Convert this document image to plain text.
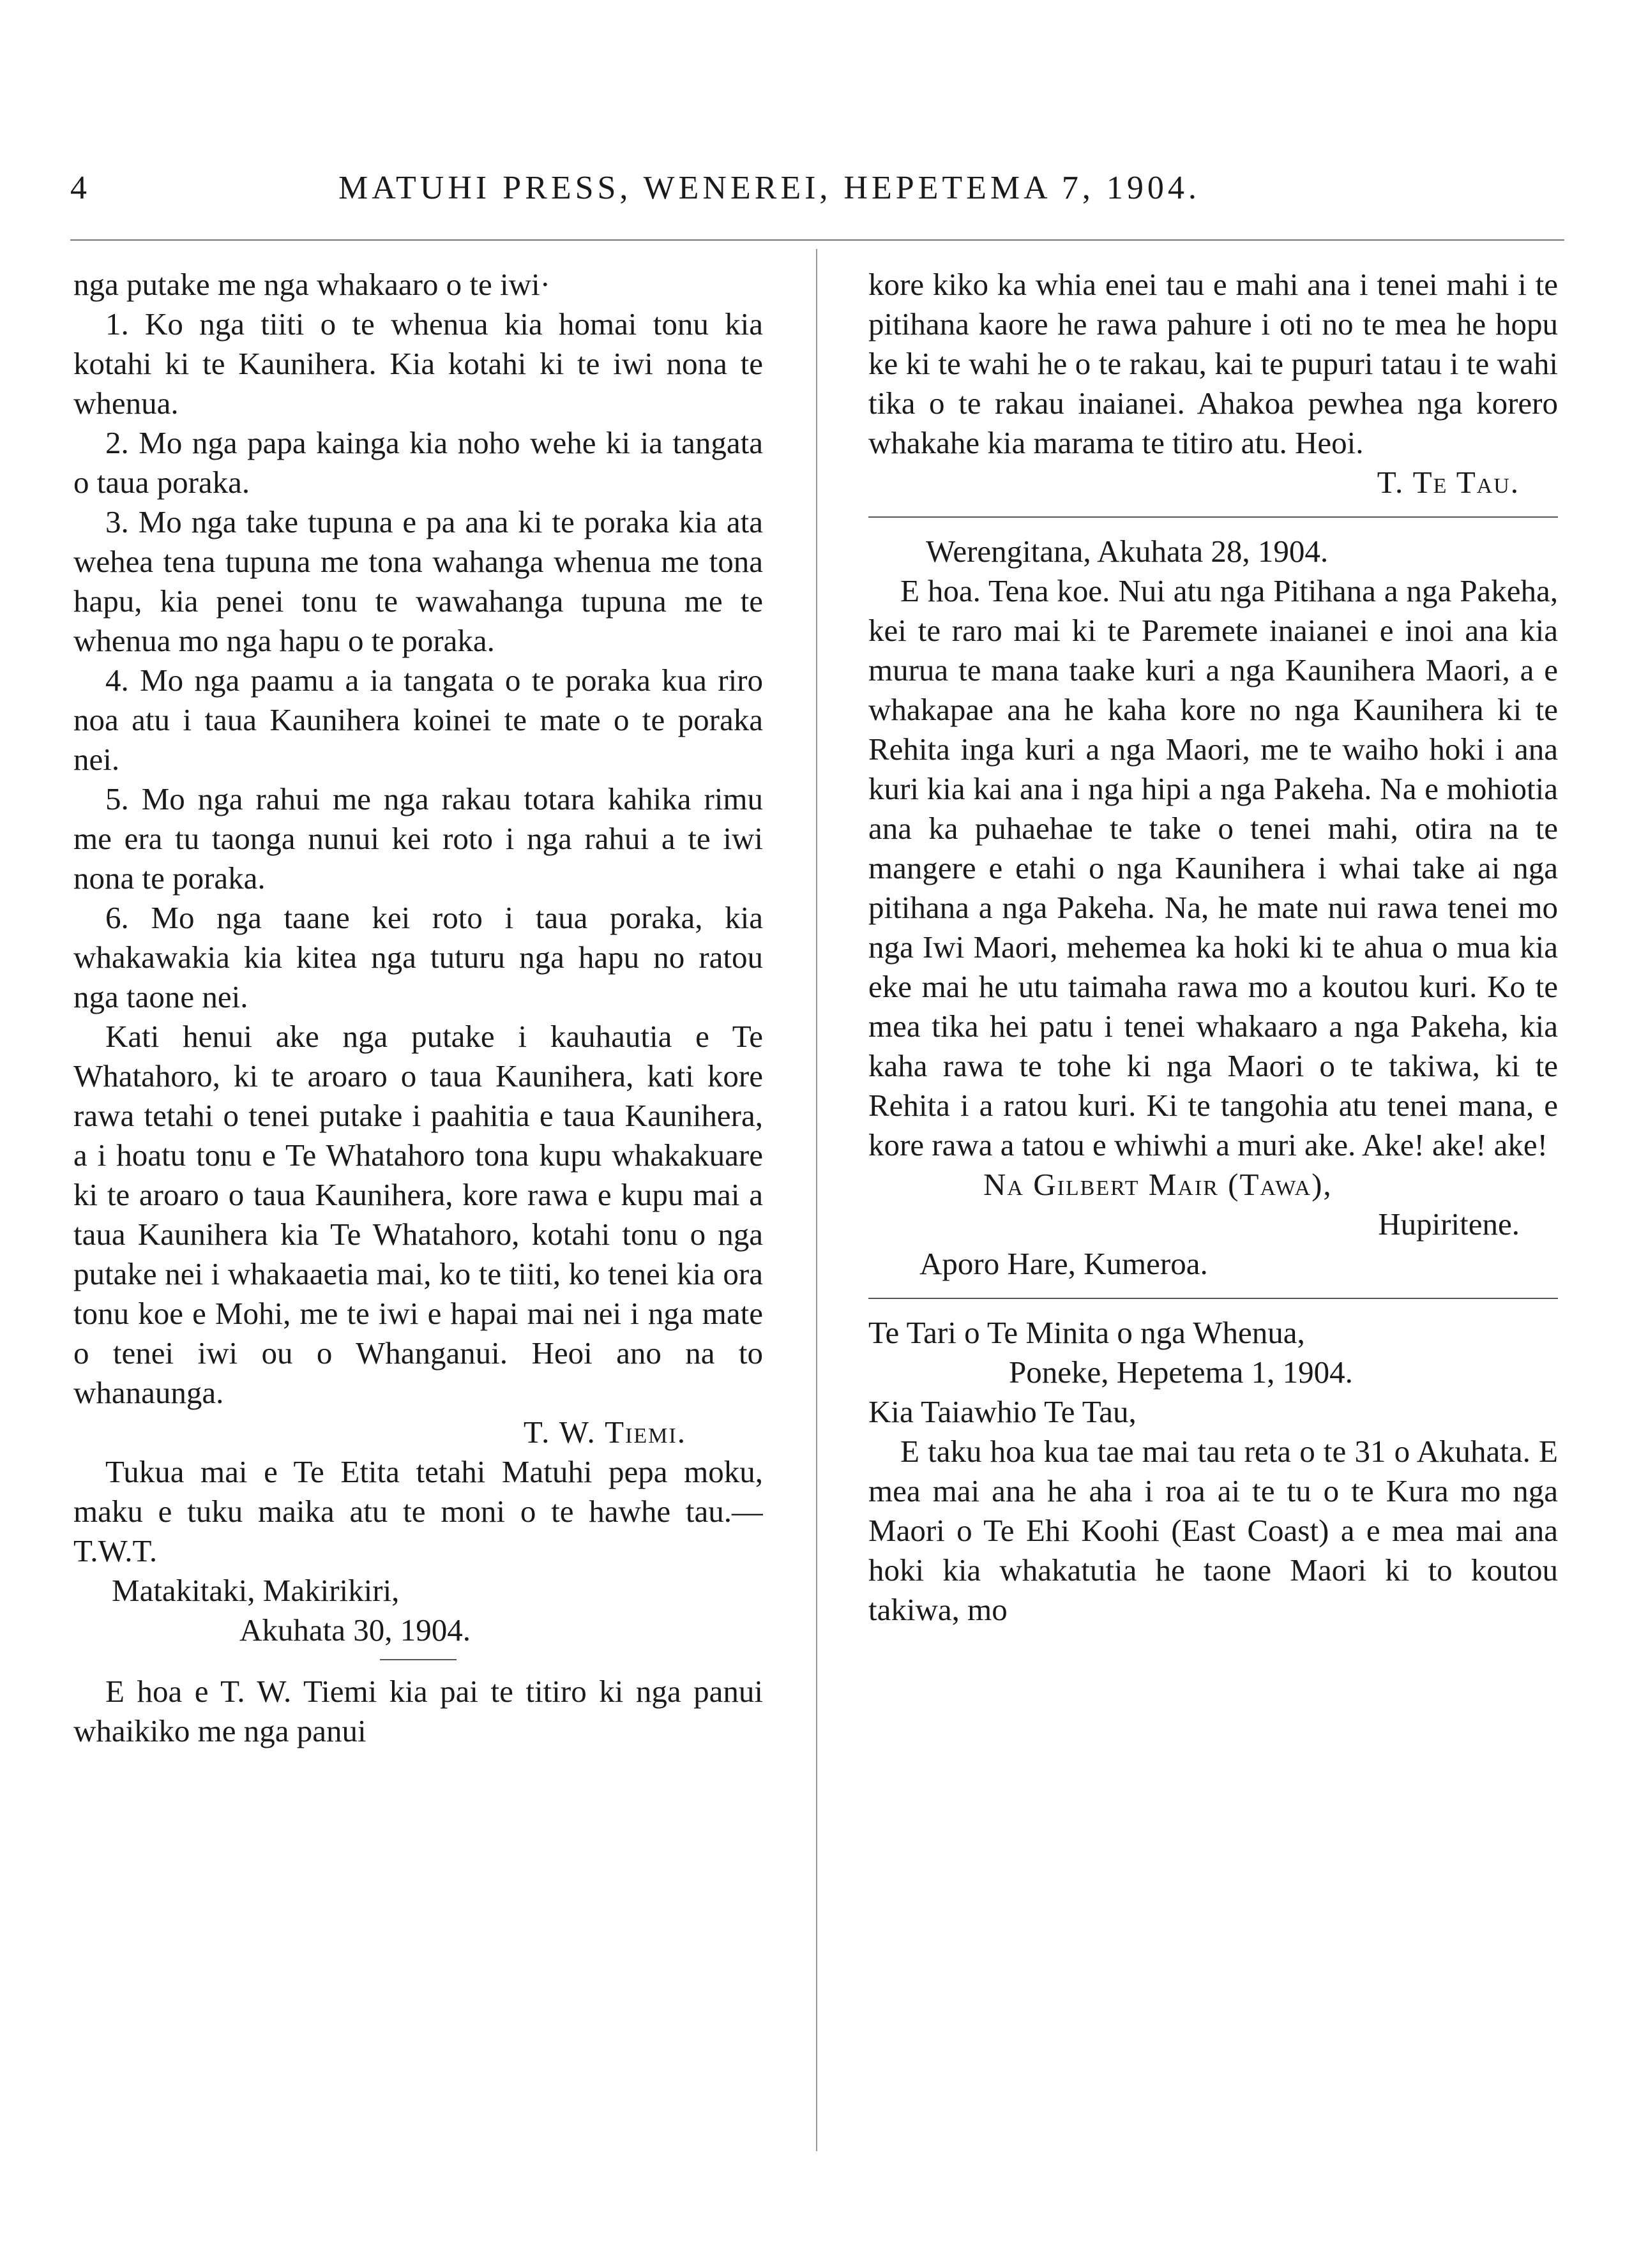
4	MATUHI PRESS, WENEREI, HEPETEMA 7, 1904.

nga putake me nga whakaaro o te iwi·

1. Ko nga tiiti o te whenua kia homai tonu kia kotahi ki te Kaunihera. Kia kotahi ki te iwi nona te whenua.

2. Mo nga papa kainga kia noho wehe ki ia tangata o taua poraka.

3. Mo nga take tupuna e pa ana ki te poraka kia ata wehea tena tupuna me tona wahanga whenua me tona hapu, kia penei tonu te wawahanga tupuna me te whenua mo nga hapu o te poraka.

4. Mo nga paamu a ia tangata o te poraka kua riro noa atu i taua Kaunihera koinei te mate o te poraka nei.

5. Mo nga rahui me nga rakau totara kahika rimu me era tu taonga nunui kei roto i nga rahui a te iwi nona te poraka.

6. Mo nga taane kei roto i taua poraka, kia whakawakia kia kitea nga tuturu nga hapu no ratou nga taone nei.

Kati henui ake nga putake i kauhautia e Te Whatahoro, ki te aroaro o taua Kaunihera, kati kore rawa tetahi o tenei putake i paahitia e taua Kaunihera, a i hoatu tonu e Te Whatahoro tona kupu whakakuare ki te aroaro o taua Kaunihera, kore rawa e kupu mai a taua Kaunihera kia Te Whatahoro, kotahi tonu o nga putake nei i whakaaetia mai, ko te tiiti, ko tenei kia ora tonu koe e Mohi, me te iwi e hapai mai nei i nga mate o tenei iwi ou o Whanganui. Heoi ano na to whanaunga.

T. W. Tiemi.

Tukua mai e Te Etita tetahi Matuhi pepa moku, maku e tuku maika atu te moni o te hawhe tau.—T.W.T.

Matakitaki, Makirikiri,

Akuhata 30, 1904.

E hoa e T. W. Tiemi kia pai te titiro ki nga panui whaikiko me nga panui

kore kiko ka whia enei tau e mahi ana i tenei mahi i te pitihana kaore he rawa pahure i oti no te mea he hopu ke ki te wahi he o te rakau, kai te pupuri tatau i te wahi tika o te rakau inaianei. Ahakoa pewhea nga korero whakahe kia marama te titiro atu. Heoi.

T. Te Tau.

Werengitana, Akuhata 28, 1904.

E hoa. Tena koe. Nui atu nga Pitihana a nga Pakeha, kei te raro mai ki te Paremete inaianei e inoi ana kia murua te mana taake kuri a nga Kaunihera Maori, a e whakapae ana he kaha kore no nga Kaunihera ki te Rehita inga kuri a nga Maori, me te waiho hoki i ana kuri kia kai ana i nga hipi a nga Pakeha. Na e mohiotia ana ka puhaehae te take o tenei mahi, otira na te mangere e etahi o nga Kaunihera i whai take ai nga pitihana a nga Pakeha. Na, he mate nui rawa tenei mo nga Iwi Maori, mehemea ka hoki ki te ahua o mua kia eke mai he utu taimaha rawa mo a koutou kuri. Ko te mea tika hei patu i tenei whakaaro a nga Pakeha, kia kaha rawa te tohe ki nga Maori o te takiwa, ki te Rehita i a ratou kuri. Ki te tangohia atu tenei mana, e kore rawa a tatou e whiwhi a muri ake. Ake! ake! ake!

Na Gilbert Mair (Tawa),

Hupiritene.

Aporo Hare, Kumeroa.

Te Tari o Te Minita o nga Whenua,

Poneke, Hepetema 1, 1904.

Kia Taiawhio Te Tau,

E taku hoa kua tae mai tau reta o te 31 o Akuhata. E mea mai ana he aha i roa ai te tu o te Kura mo nga Maori o Te Ehi Koohi (East Coast) a e mea mai ana hoki kia whakatutia he taone Maori ki to koutou takiwa, mo
